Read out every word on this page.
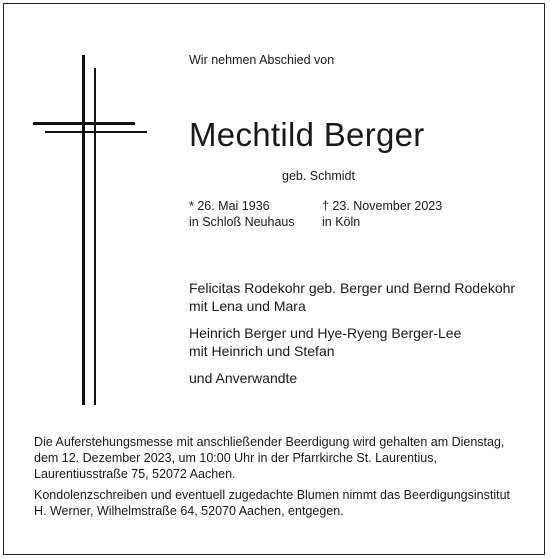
Wir nehmen Abschied von

Mechtild Berger

geb. Schmidt

* 26. Mai 1936
in Schloß Neuhaus
† 23. November 2023
in Köln
Felicitas Rodekohr geb. Berger und Bernd Rodekohr
mit Lena und Mara
Heinrich Berger und Hye-Ryeng Berger-Lee
mit Heinrich und Stefan
und Anverwandte
Die Auferstehungsmesse mit anschließender Beerdigung wird gehalten am Dienstag,
dem 12. Dezember 2023, um 10:00 Uhr in der Pfarrkirche St. Laurentius,
Laurentiusstraße 75, 52072 Aachen.
Kondolenzschreiben und eventuell zugedachte Blumen nimmt das Beerdigungsinstitut
H. Werner, Wilhelmstraße 64, 52070 Aachen, entgegen.
